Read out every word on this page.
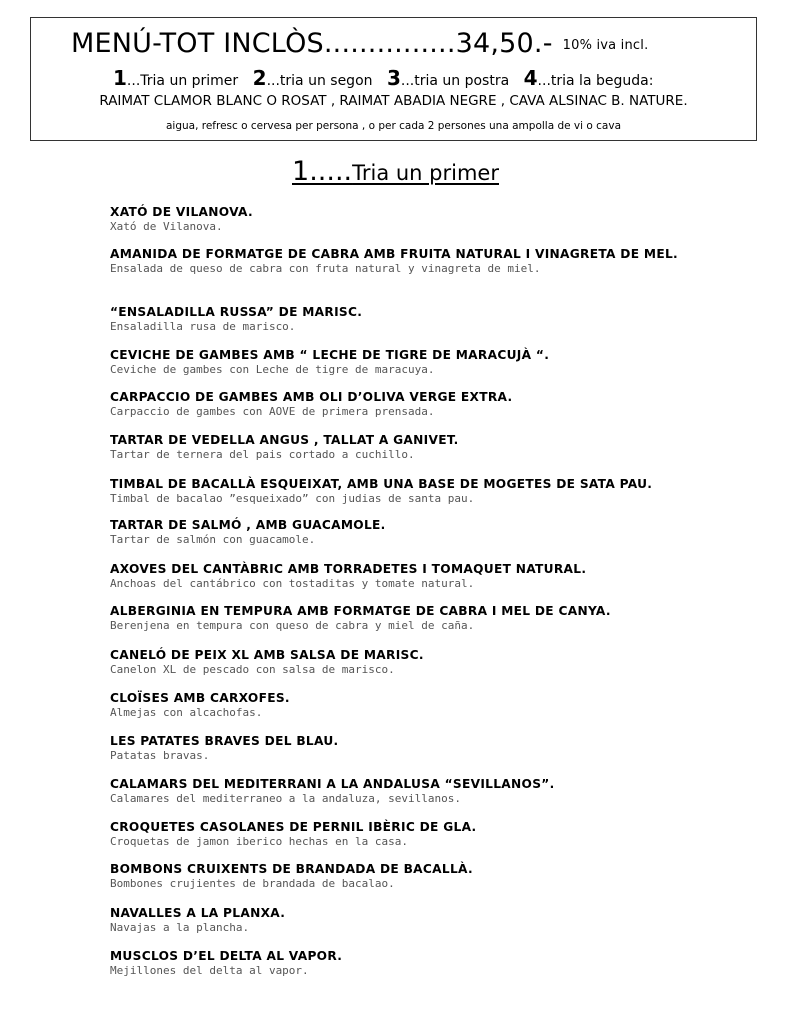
MENÚ-TOT INCLÒS...............34,50.- 10% iva incl.
1...Tria un primer 2...tria un segon 3...tria un postra 4...tria la beguda:
RAIMAT CLAMOR BLANC O ROSAT , RAIMAT ABADIA NEGRE , CAVA ALSINAC B. NATURE.
aigua, refresc o cervesa per persona , o per cada 2 persones una ampolla de vi o cava
1.....Tria un primer
XATÓ DE VILANOVA.
Xató de Vilanova.
AMANIDA DE FORMATGE DE CABRA AMB FRUITA NATURAL I VINAGRETA DE MEL.
Ensalada de queso de cabra con fruta natural y vinagreta de miel.
“ENSALADILLA RUSSA” DE MARISC.
Ensaladilla rusa de marisco.
CEVICHE DE GAMBES AMB “ LECHE DE TIGRE DE MARACUJÀ “.
Ceviche de gambes con Leche de tigre de maracuya.
CARPACCIO DE GAMBES AMB OLI D’OLIVA VERGE EXTRA.
Carpaccio de gambes con AOVE de primera prensada.
TARTAR DE VEDELLA ANGUS , TALLAT A GANIVET.
Tartar de ternera del pais cortado a cuchillo.
TIMBAL DE BACALLÀ ESQUEIXAT, AMB UNA BASE DE MOGETES DE SATA PAU.
Timbal de bacalao ”esqueixado” con judias de santa pau.
TARTAR DE SALMÓ , AMB GUACAMOLE.
Tartar de salmón con guacamole.
AXOVES DEL CANTÀBRIC AMB TORRADETES I TOMAQUET NATURAL.
Anchoas del cantábrico con tostaditas y tomate natural.
ALBERGINIA EN TEMPURA AMB FORMATGE DE CABRA I MEL DE CANYA.
Berenjena en tempura con queso de cabra y miel de caña.
CANELÓ DE PEIX XL AMB SALSA DE MARISC.
Canelon XL de pescado con salsa de marisco.
CLOÏSES AMB CARXOFES.
Almejas con alcachofas.
LES PATATES BRAVES DEL BLAU.
Patatas bravas.
CALAMARS DEL MEDITERRANI A LA ANDALUSA “SEVILLANOS”.
Calamares del mediterraneo a la andaluza, sevillanos.
CROQUETES CASOLANES DE PERNIL IBÈRIC DE GLA.
Croquetas de jamon iberico hechas en la casa.
BOMBONS CRUIXENTS DE BRANDADA DE BACALLÀ.
Bombones crujientes de brandada de bacalao.
NAVALLES A LA PLANXA.
Navajas a la plancha.
MUSCLOS D’EL DELTA AL VAPOR.
Mejillones del delta al vapor.
